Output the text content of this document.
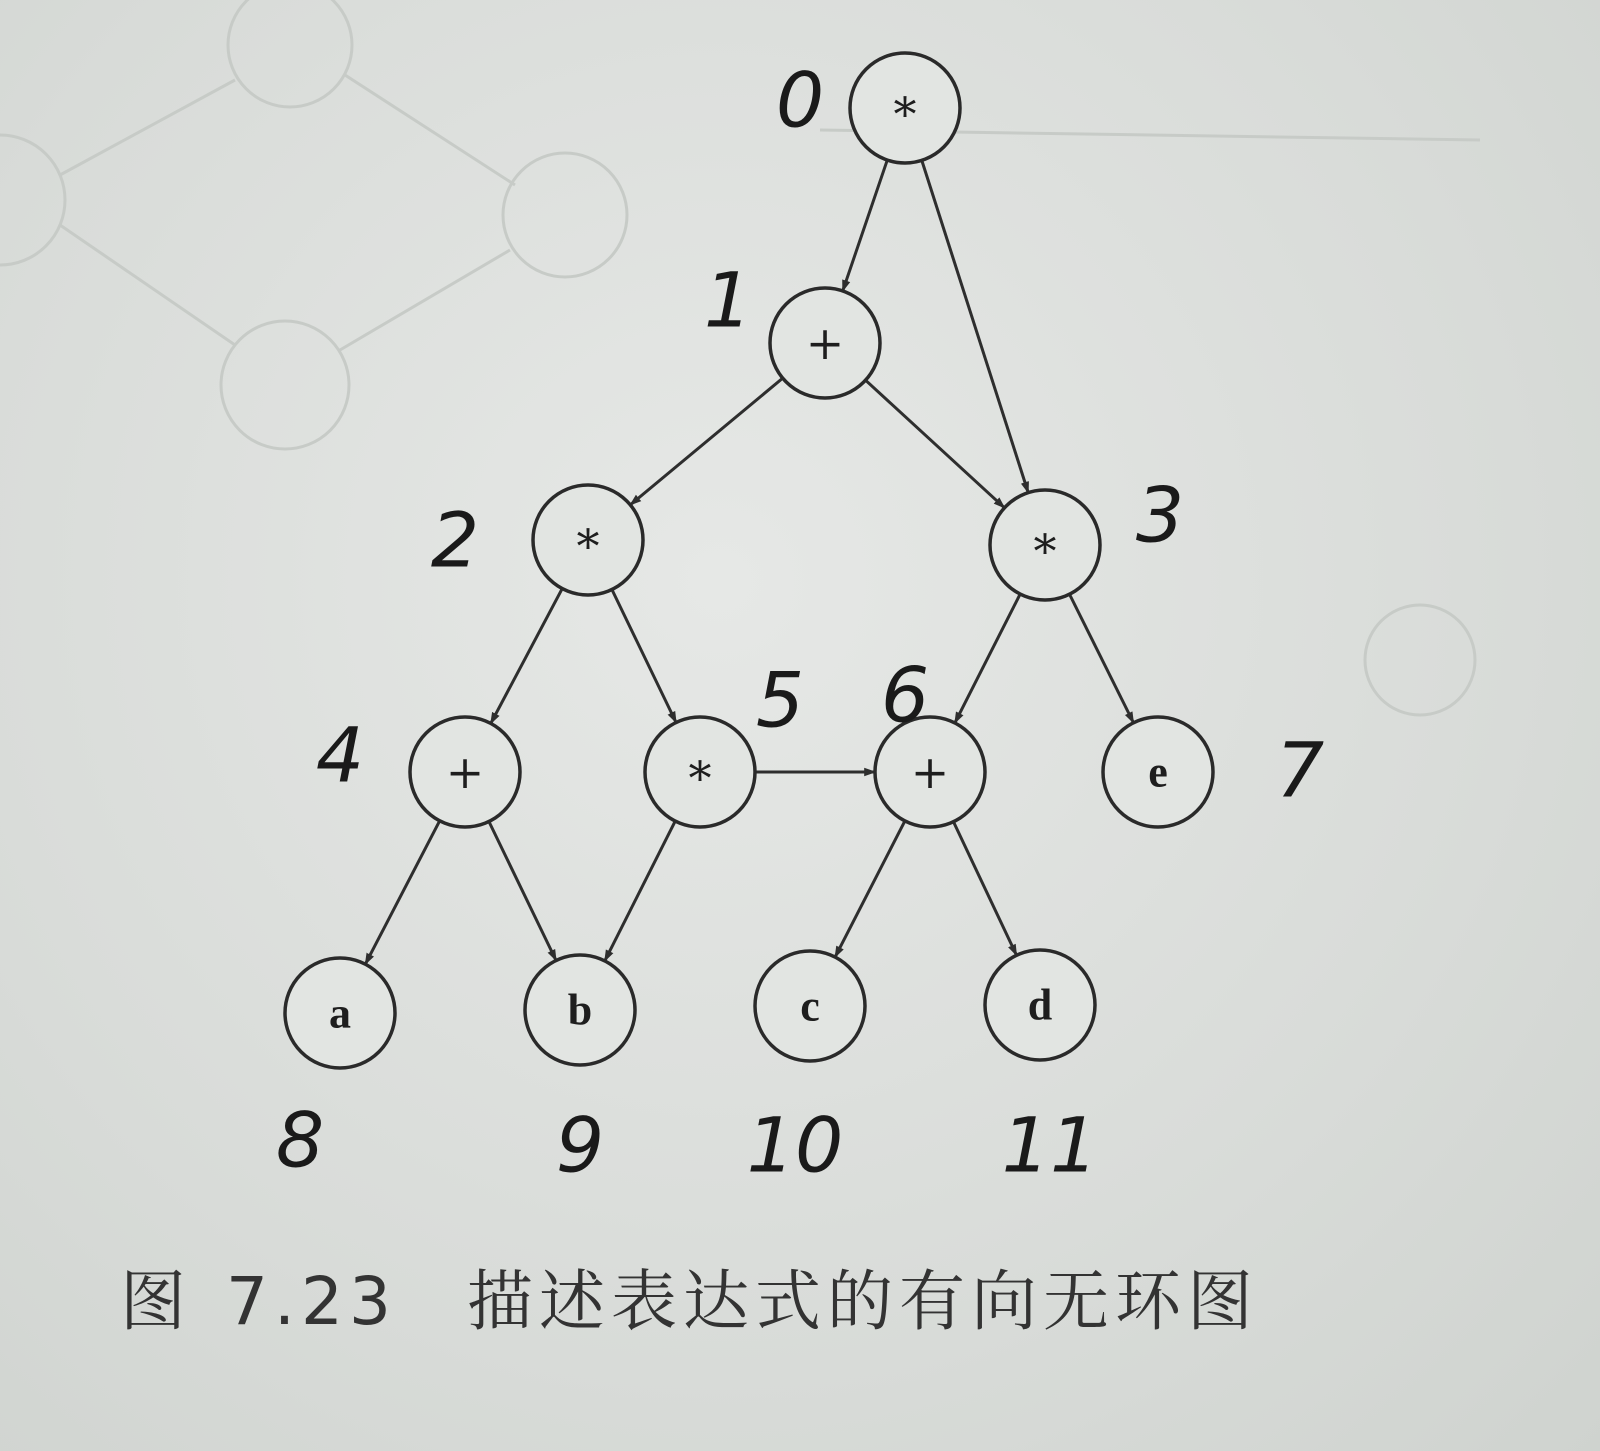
*
0
+
1
*
2	* 3
+
4	*
5
+
6
e 7
a
8
b
9
c
10
d
11
图 7.23 描述表达式的有向无环图
